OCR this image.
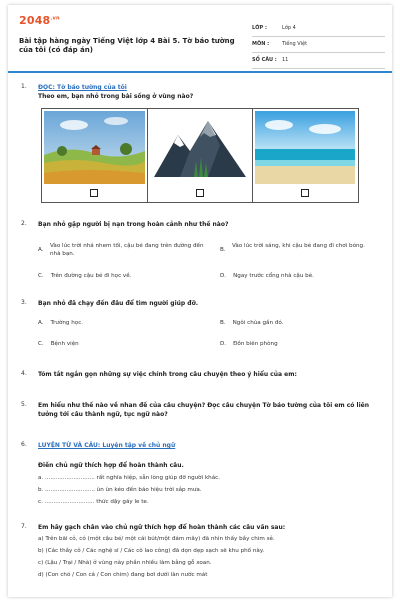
$2048^{.vn}$
Bài tập hàng ngày Tiếng Việt lớp 4 Bài 5. Tờ báo tường của tôi (có đáp án)
LỚP :	Lớp 4
MÔN :	Tiếng Việt
SỐ CÂU : 11
1. ĐỌC: Tờ báo tường của tôi
Theo em, bạn nhỏ trong bài sống ở vùng nào?
2. Bạn nhỏ gặp người bị nạn trong hoàn cảnh như thế nào?
A.
Vào lúc trời nhá nhem tối, cậu bé đang trên đường đến nhà bạn.
B.
Vào lúc trời sáng, khi cậu bé đang đi chơi bóng.
C. Trên đường cậu bé đi học về.	D. Ngay trước cổng nhà cậu bé.
3. Bạn nhỏ đã chạy đến đâu để tìm người giúp đỡ.
A. Trường học.	B. Ngôi chùa gần đó.
C. Bệnh viện	D. Đồn biên phòng
4. Tóm tắt ngắn gọn những sự việc chính trong câu chuyện theo ý hiểu của em:
5. Em hiểu như thế nào về nhan đề của câu chuyện? Đọc câu chuyện Tờ báo tường của tôi em có liên tưởng tới câu thành ngữ, tục ngữ nào?
6. LUYỆN TỪ VÀ CÂU: Luyện tập về chủ ngữ
Điền chủ ngữ thích hợp để hoàn thành câu.
a. ............................ rất nghĩa hiệp, sẵn lòng giúp đỡ người khác.
b. ............................ ùn ùn kéo đến báo hiệu trời sắp mưa.
c. ............................ thức dậy gáy le te.
7. Em hãy gạch chân vào chủ ngữ thích hợp để hoàn thành các câu văn sau:
a) Trên bãi cỏ, có (một cậu bé/ một cái bút/một đám mây) đã nhìn thấy bầy chim sẻ.
b) (Các thầy cô / Các nghệ sĩ / Các cô lao công) đã dọn dẹp sạch sẽ khu phố này.
c) (Lậu / Trại / Nhà) ở vùng này phần nhiều làm bằng gỗ xoan.
d) (Con chó / Con cá / Con chim) đang bơi dưới làn nước mát
